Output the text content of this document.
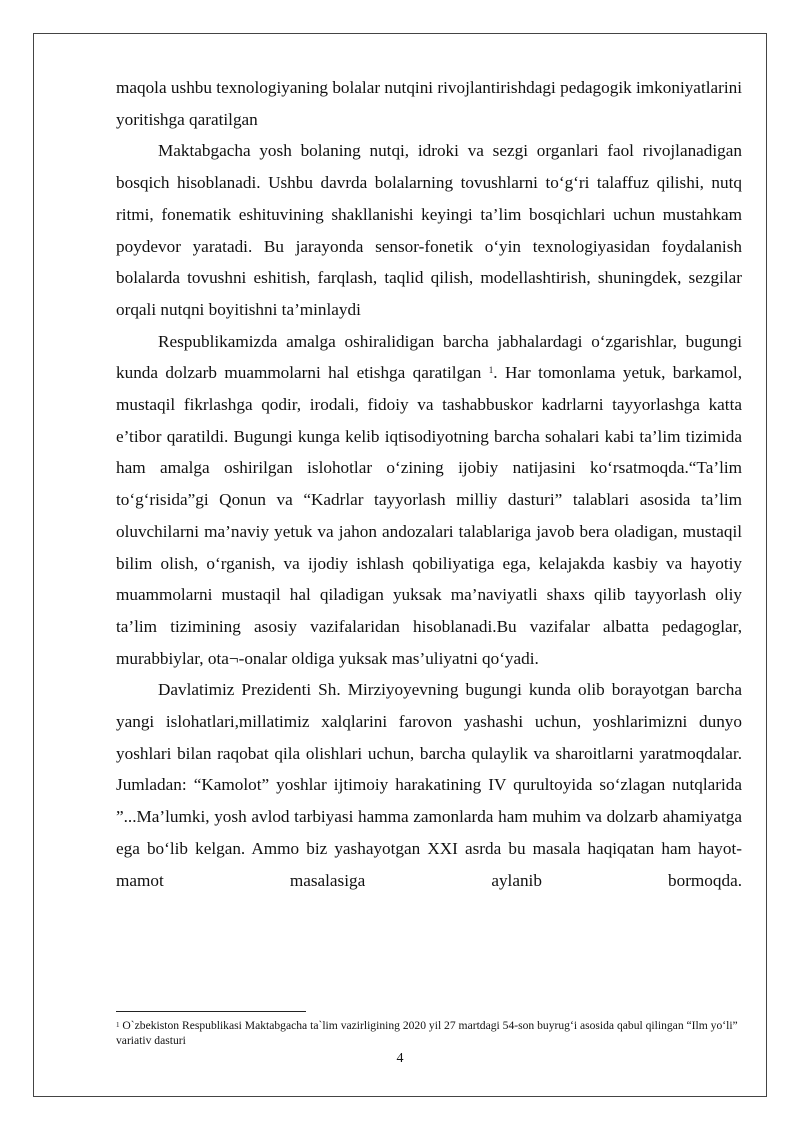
maqola ushbu texnologiyaning bolalar nutqini rivojlantirishdagi pedagogik imkoniyatlarini yoritishga qaratilgan

Maktabgacha yosh bolaning nutqi, idroki va sezgi organlari faol rivojlanadigan bosqich hisoblanadi. Ushbu davrda bolalarning tovushlarni to‘g‘ri talaffuz qilishi, nutq ritmi, fonematik eshituvining shakllanishi keyingi ta’lim bosqichlari uchun mustahkam poydevor yaratadi. Bu jarayonda sensor-fonetik o‘yin texnologiyasidan foydalanish bolalarda tovushni eshitish, farqlash, taqlid qilish, modellashtirish, shuningdek, sezgilar orqali nutqni boyitishni ta’minlaydi

Respublikamizda amalga oshiralidigan barcha jabhalardagi o‘zgarishlar, bugungi kunda dolzarb muammolarni hal etishga qaratilgan $^1$. Har tomonlama yetuk, barkamol, mustaqil fikrlashga qodir, irodali, fidoiy va tashabbuskor kadrlarni tayyorlashga katta e’tibor qaratildi. Bugungi kunga kelib iqtisodiyotning barcha sohalari kabi ta’lim tizimida ham amalga oshirilgan islohotlar o‘zining ijobiy natijasini ko‘rsatmoqda.“Ta’lim to‘g‘risida”gi Qonun va “Kadrlar tayyorlash milliy dasturi” talablari asosida ta’lim oluvchilarni ma’naviy yetuk va jahon andozalari talablariga javob bera oladigan, mustaqil bilim olish, o‘rganish, va ijodiy ishlash qobiliyatiga ega, kelajakda kasbiy va hayotiy muammolarni mustaqil hal qiladigan yuksak ma’naviyatli shaxs qilib tayyorlash oliy ta’lim tizimining asosiy vazifalaridan hisoblanadi.Bu vazifalar albatta pedagoglar, murabbiylar, ota¬-onalar oldiga yuksak mas’uliyatni qo‘yadi.

Davlatimiz Prezidenti Sh. Mirziyoyevning bugungi kunda olib borayotgan barcha yangi islohatlari,millatimiz xalqlarini farovon yashashi uchun, yoshlarimizni dunyo yoshlari bilan raqobat qila olishlari uchun, barcha qulaylik va sharoitlarni yaratmoqdalar. Jumladan: “Kamolot” yoshlar ijtimoiy harakatining IV qurultoyida so‘zlagan nutqlarida ”...Ma’lumki, yosh avlod tarbiyasi hamma zamonlarda ham muhim va dolzarb ahamiyatga ega bo‘lib kelgan. Ammo biz yashayotgan XXI asrda bu masala haqiqatan ham hayot-mamot masalasiga aylanib bormoqda.

$^1$ O`zbekiston Respublikasi Maktabgacha ta`lim vazirligining 2020 yil 27 martdagi 54-son buyrug‘i asosida qabul qilingan “Ilm yo‘li” variativ dasturi

4
